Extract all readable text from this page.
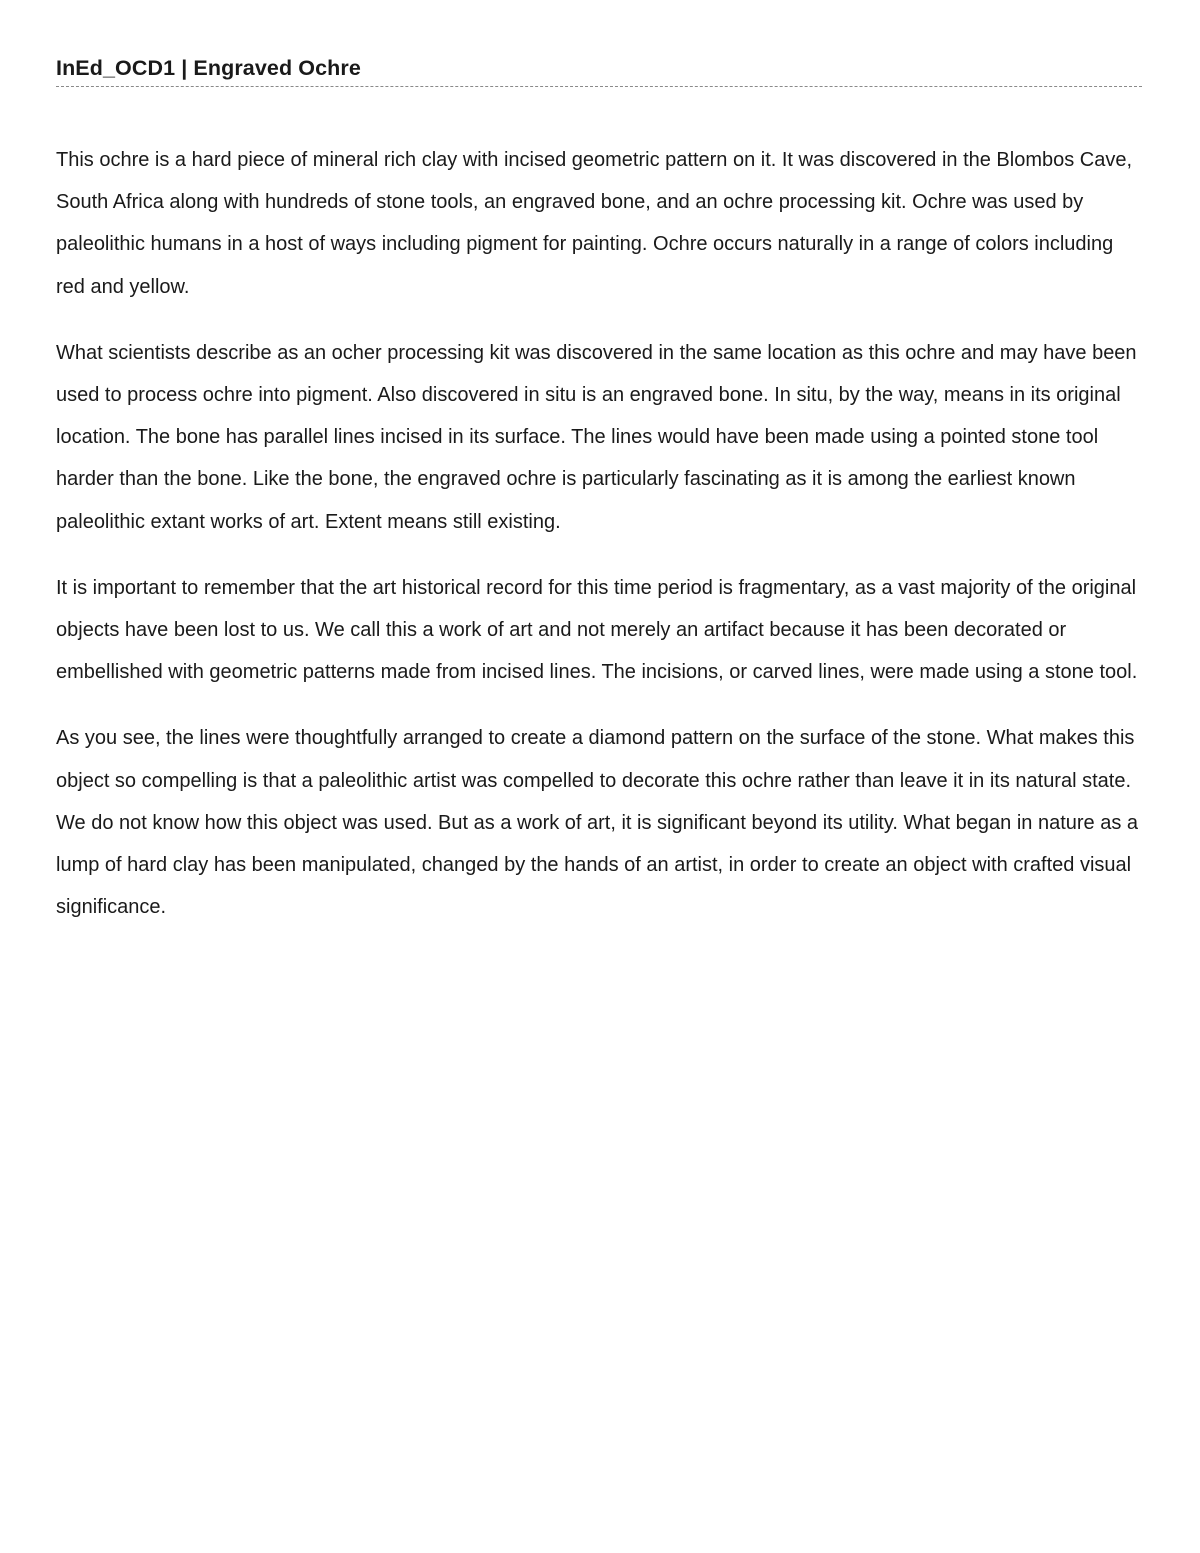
InEd_OCD1 | Engraved Ochre

This ochre is a hard piece of mineral rich clay with incised geometric pattern on it. It was discovered in the Blombos Cave, South Africa along with hundreds of stone tools, an engraved bone, and an ochre processing kit. Ochre was used by paleolithic humans in a host of ways including pigment for painting. Ochre occurs naturally in a range of colors including red and yellow.

What scientists describe as an ocher processing kit was discovered in the same location as this ochre and may have been used to process ochre into pigment. Also discovered in situ is an engraved bone. In situ, by the way, means in its original location. The bone has parallel lines incised in its surface. The lines would have been made using a pointed stone tool harder than the bone. Like the bone, the engraved ochre is particularly fascinating as it is among the earliest known paleolithic extant works of art. Extent means still existing.

It is important to remember that the art historical record for this time period is fragmentary, as a vast majority of the original objects have been lost to us. We call this a work of art and not merely an artifact because it has been decorated or embellished with geometric patterns made from incised lines. The incisions, or carved lines, were made using a stone tool.

As you see, the lines were thoughtfully arranged to create a diamond pattern on the surface of the stone. What makes this object so compelling is that a paleolithic artist was compelled to decorate this ochre rather than leave it in its natural state. We do not know how this object was used. But as a work of art, it is significant beyond its utility. What began in nature as a lump of hard clay has been manipulated, changed by the hands of an artist, in order to create an object with crafted visual significance.
